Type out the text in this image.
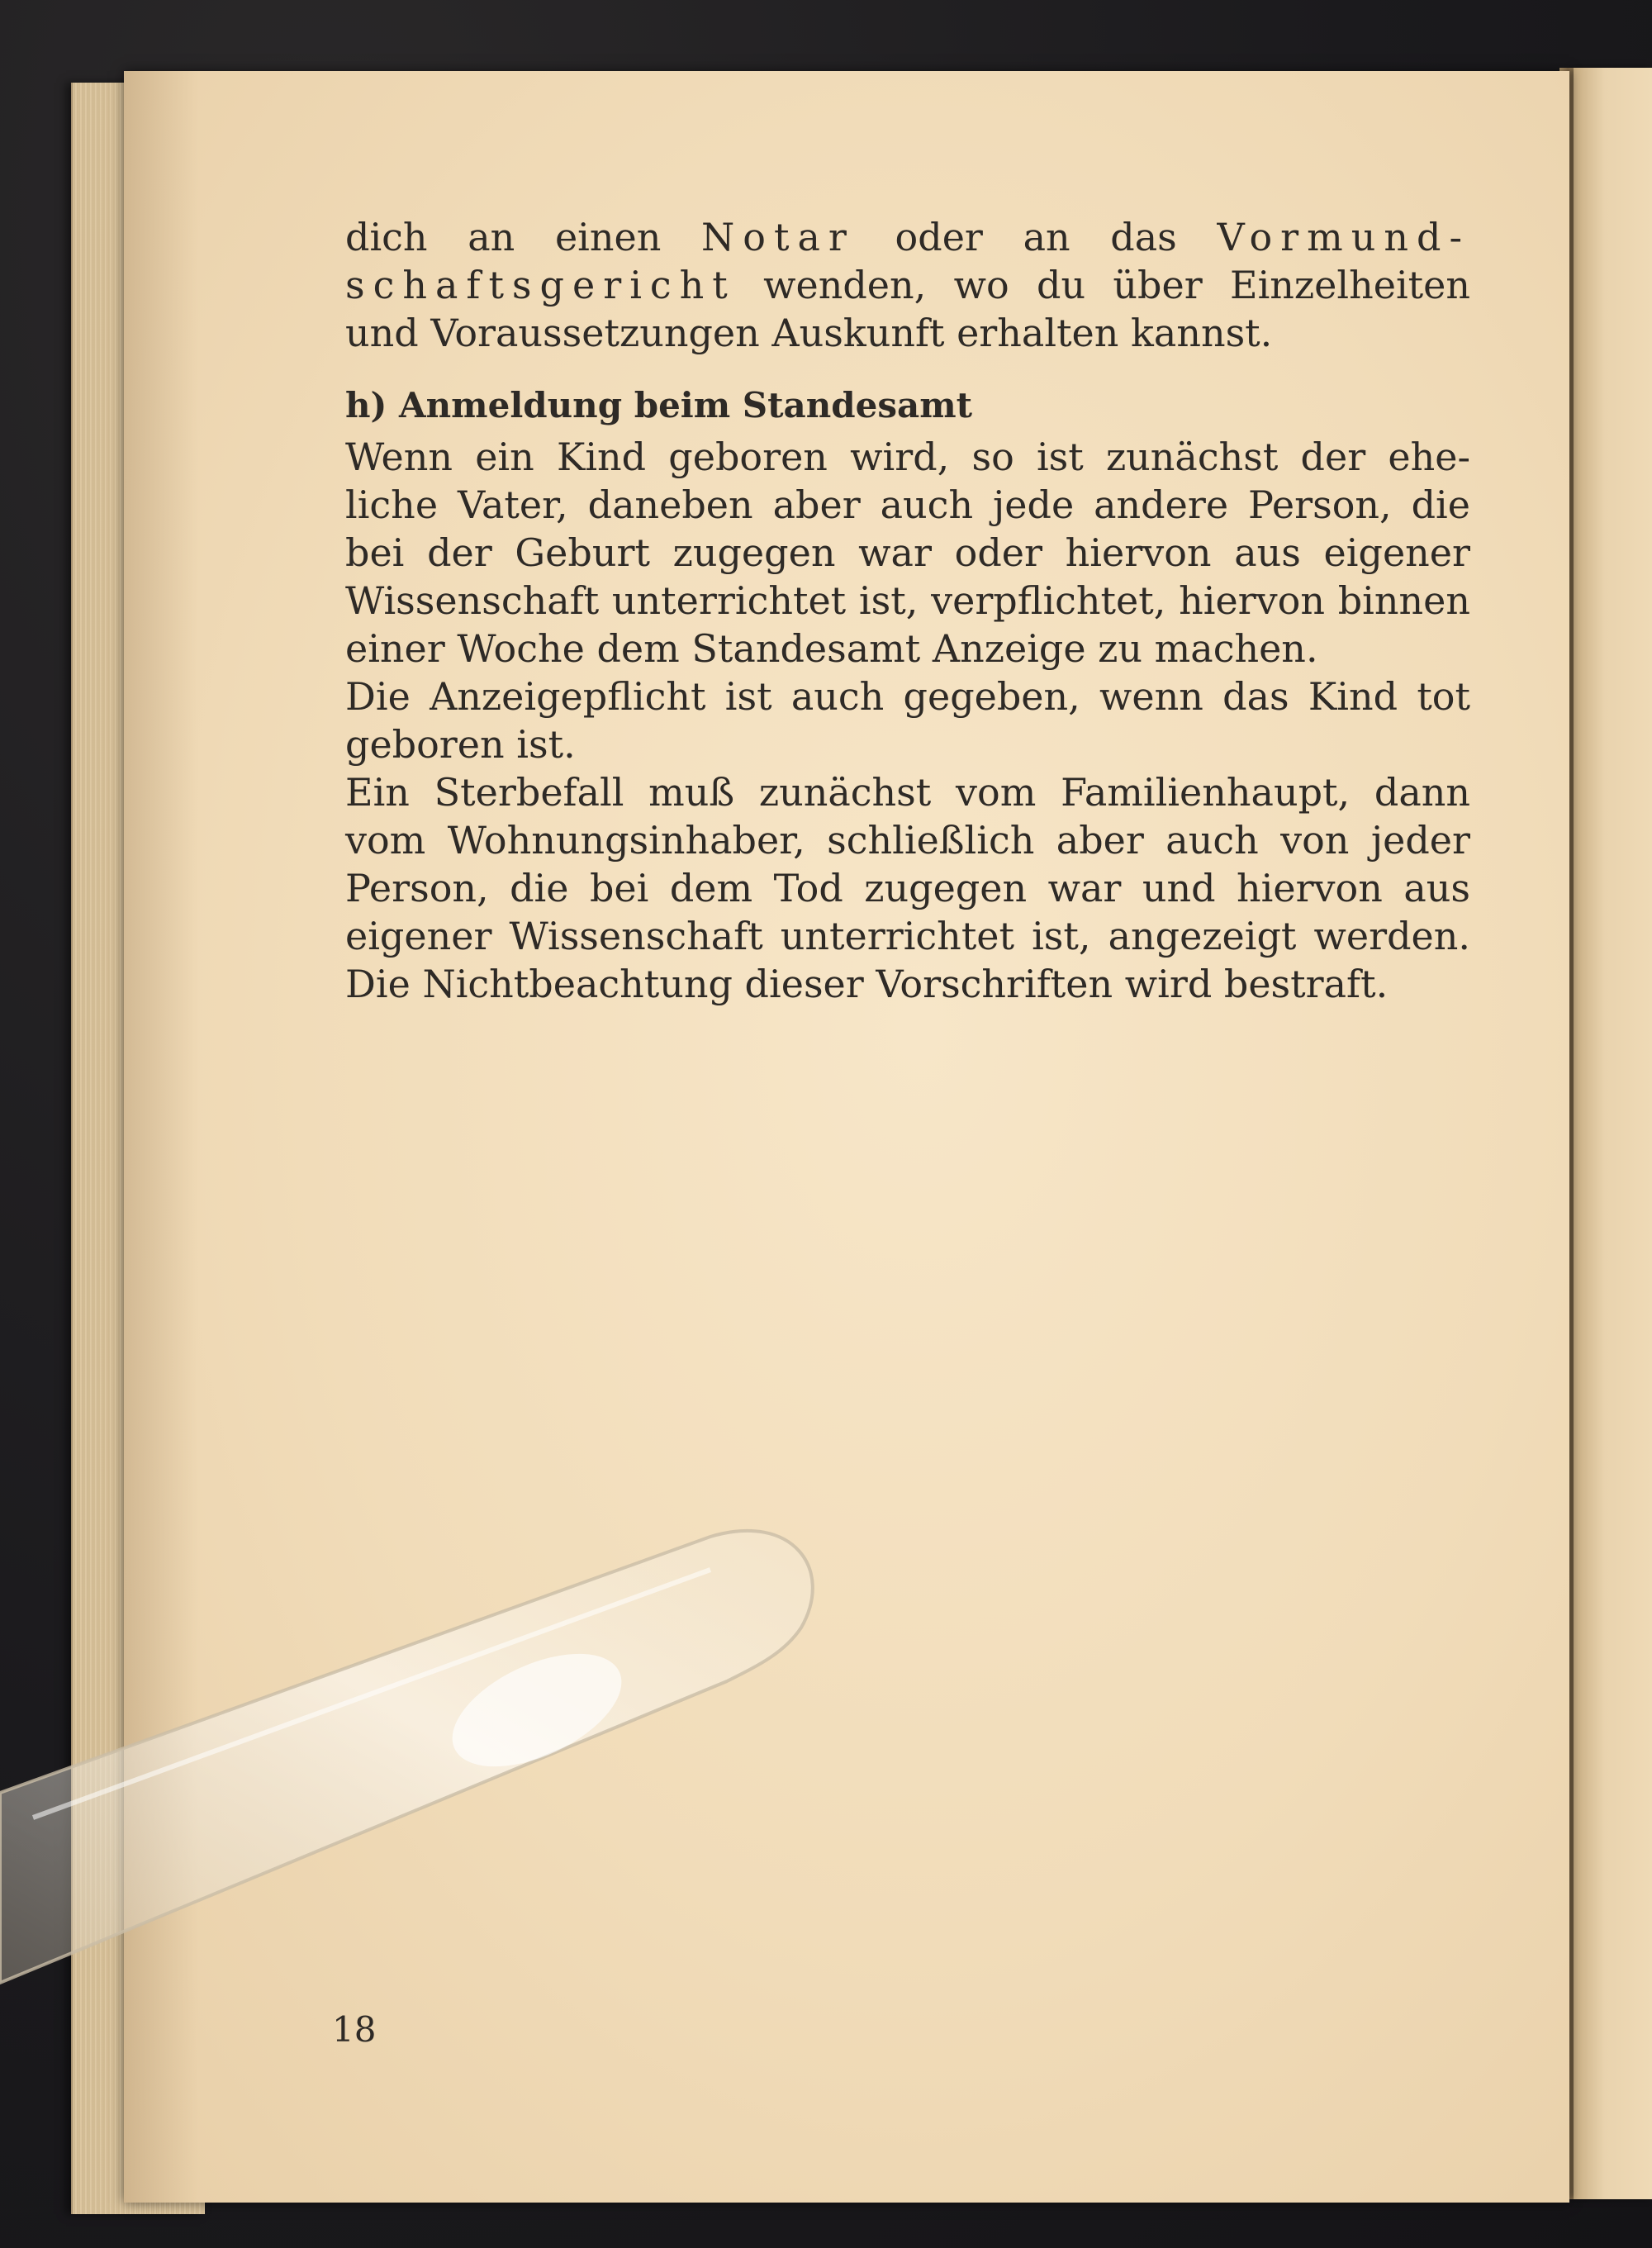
dich an einen Notar oder an das Vormund-

schaftsgericht wenden, wo du über Einzelheiten

und Voraussetzungen Auskunft erhalten kannst.

h) Anmeldung beim Standesamt

Wenn ein Kind geboren wird, so ist zunächst der ehe-

liche Vater, daneben aber auch jede andere Person, die

bei der Geburt zugegen war oder hiervon aus eigener

Wissenschaft unterrichtet ist, verpflichtet, hiervon binnen

einer Woche dem Standesamt Anzeige zu machen.

Die Anzeigepflicht ist auch gegeben, wenn das Kind tot

geboren ist.

Ein Sterbefall muß zunächst vom Familienhaupt, dann

vom Wohnungsinhaber, schließlich aber auch von jeder

Person, die bei dem Tod zugegen war und hiervon aus

eigener Wissenschaft unterrichtet ist, angezeigt werden.

Die Nichtbeachtung dieser Vorschriften wird bestraft.

18
